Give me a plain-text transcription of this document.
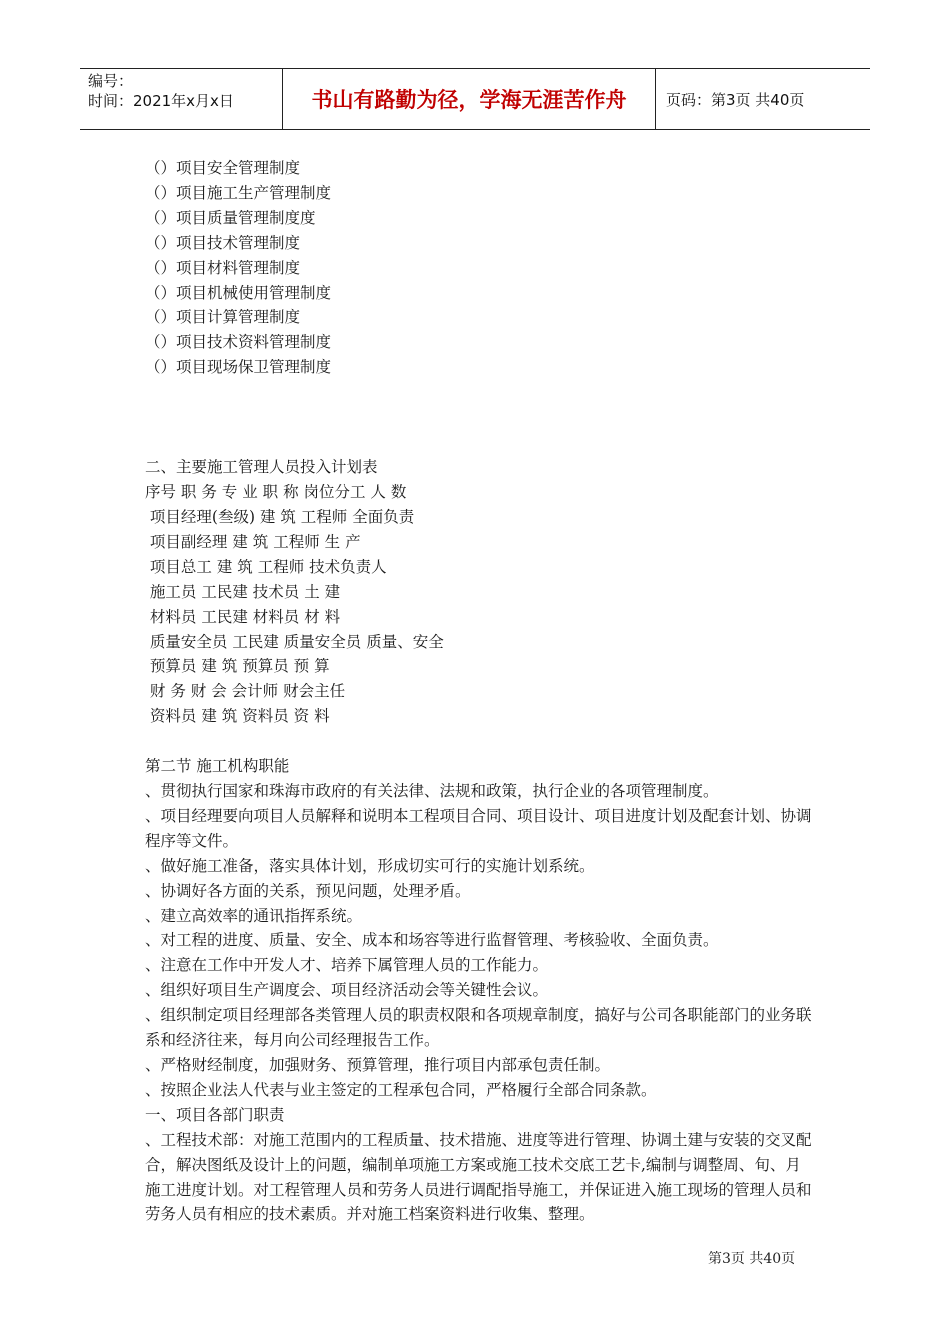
编号：
时间：2021年x月x日	书山有路勤为径，学海无涯苦作舟	页码：第3页 共40页
（）项目安全管理制度
（）项目施工生产管理制度
（）项目质量管理制度度
（）项目技术管理制度
（）项目材料管理制度
（）项目机械使用管理制度
（）项目计算管理制度
（）项目技术资料管理制度
（）项目现场保卫管理制度
二、主要施工管理人员投入计划表
序号 职 务 专 业 职 称 岗位分工 人 数
项目经理(叁级) 建 筑 工程师 全面负责
项目副经理 建 筑 工程师 生 产
项目总工 建 筑 工程师 技术负责人
施工员 工民建 技术员 土 建
材料员 工民建 材料员 材 料
质量安全员 工民建 质量安全员 质量、安全
预算员 建 筑 预算员 预 算
财 务 财 会 会计师 财会主任
资料员 建 筑 资料员 资 料
第二节 施工机构职能
、贯彻执行国家和珠海市政府的有关法律、法规和政策，执行企业的各项管理制度。
、项目经理要向项目人员解释和说明本工程项目合同、项目设计、项目进度计划及配套计划、协调程序等文件。
、做好施工准备，落实具体计划，形成切实可行的实施计划系统。
、协调好各方面的关系，预见问题，处理矛盾。
、建立高效率的通讯指挥系统。
、对工程的进度、质量、安全、成本和场容等进行监督管理、考核验收、全面负责。
、注意在工作中开发人才、培养下属管理人员的工作能力。
、组织好项目生产调度会、项目经济活动会等关键性会议。
、组织制定项目经理部各类管理人员的职责权限和各项规章制度，搞好与公司各职能部门的业务联系和经济往来，每月向公司经理报告工作。
、严格财经制度，加强财务、预算管理，推行项目内部承包责任制。
、按照企业法人代表与业主签定的工程承包合同，严格履行全部合同条款。
一、项目各部门职责
、工程技术部：对施工范围内的工程质量、技术措施、进度等进行管理、协调土建与安装的交叉配合，解决图纸及设计上的问题，编制单项施工方案或施工技术交底工艺卡,编制与调整周、旬、月施工进度计划。对工程管理人员和劳务人员进行调配指导施工，并保证进入施工现场的管理人员和劳务人员有相应的技术素质。并对施工档案资料进行收集、整理。
第3页 共40页
